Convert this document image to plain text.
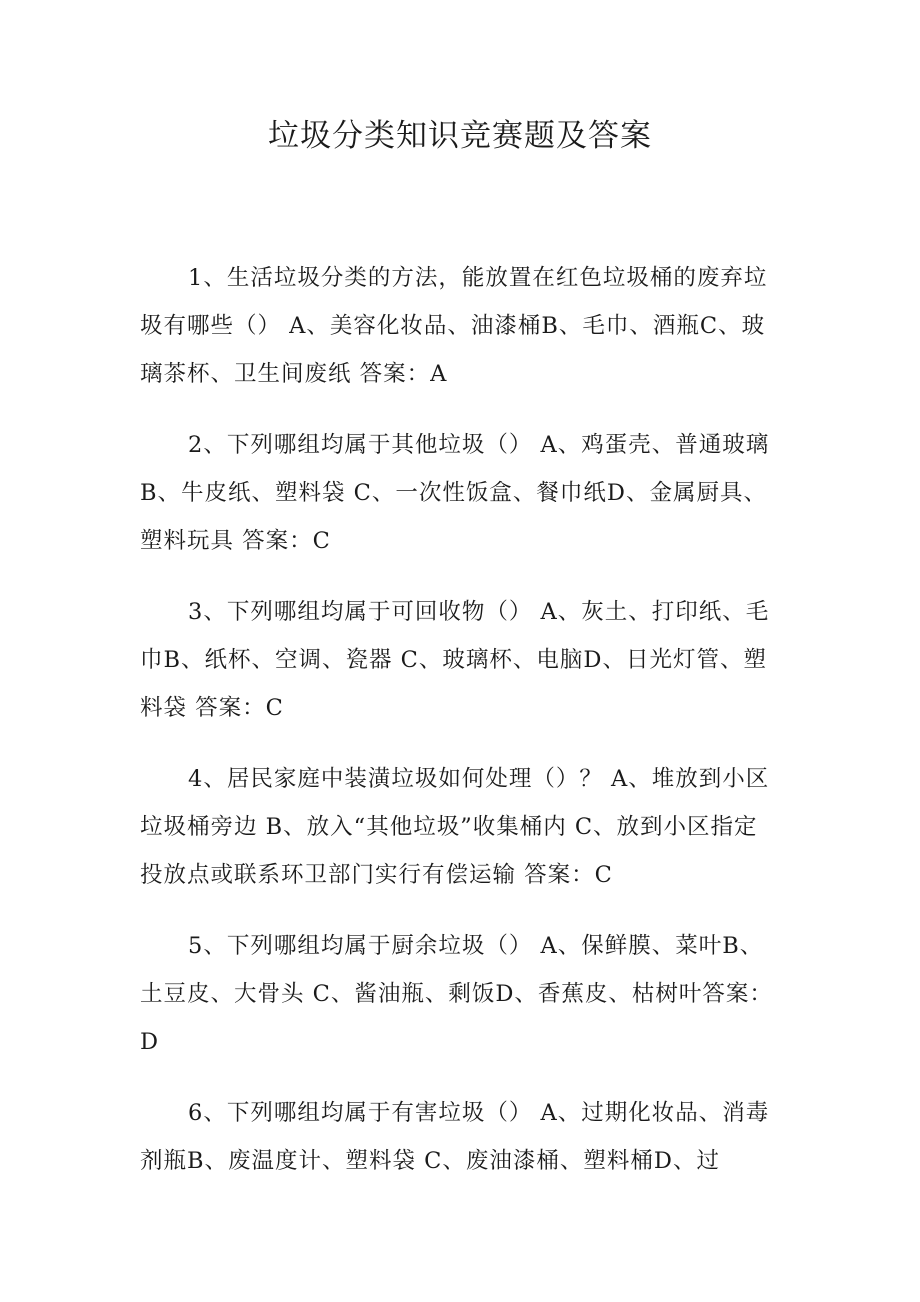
垃圾分类知识竞赛题及答案

1、生活垃圾分类的方法，能放置在红色垃圾桶的废弃垃圾有哪些（） A、美容化妆品、油漆桶B、毛巾、酒瓶C、玻璃茶杯、卫生间废纸 答案：A

2、下列哪组均属于其他垃圾（） A、鸡蛋壳、普通玻璃B、牛皮纸、塑料袋 C、一次性饭盒、餐巾纸D、金属厨具、塑料玩具 答案：C

3、下列哪组均属于可回收物（） A、灰土、打印纸、毛巾B、纸杯、空调、瓷器 C、玻璃杯、电脑D、日光灯管、塑料袋 答案：C

4、居民家庭中装潢垃圾如何处理（）？ A、堆放到小区垃圾桶旁边 B、放入“其他垃圾”收集桶内 C、放到小区指定投放点或联系环卫部门实行有偿运输 答案：C

5、下列哪组均属于厨余垃圾（） A、保鲜膜、菜叶B、土豆皮、大骨头 C、酱油瓶、剩饭D、香蕉皮、枯树叶答案：D

6、下列哪组均属于有害垃圾（） A、过期化妆品、消毒剂瓶B、废温度计、塑料袋 C、废油漆桶、塑料桶D、过
